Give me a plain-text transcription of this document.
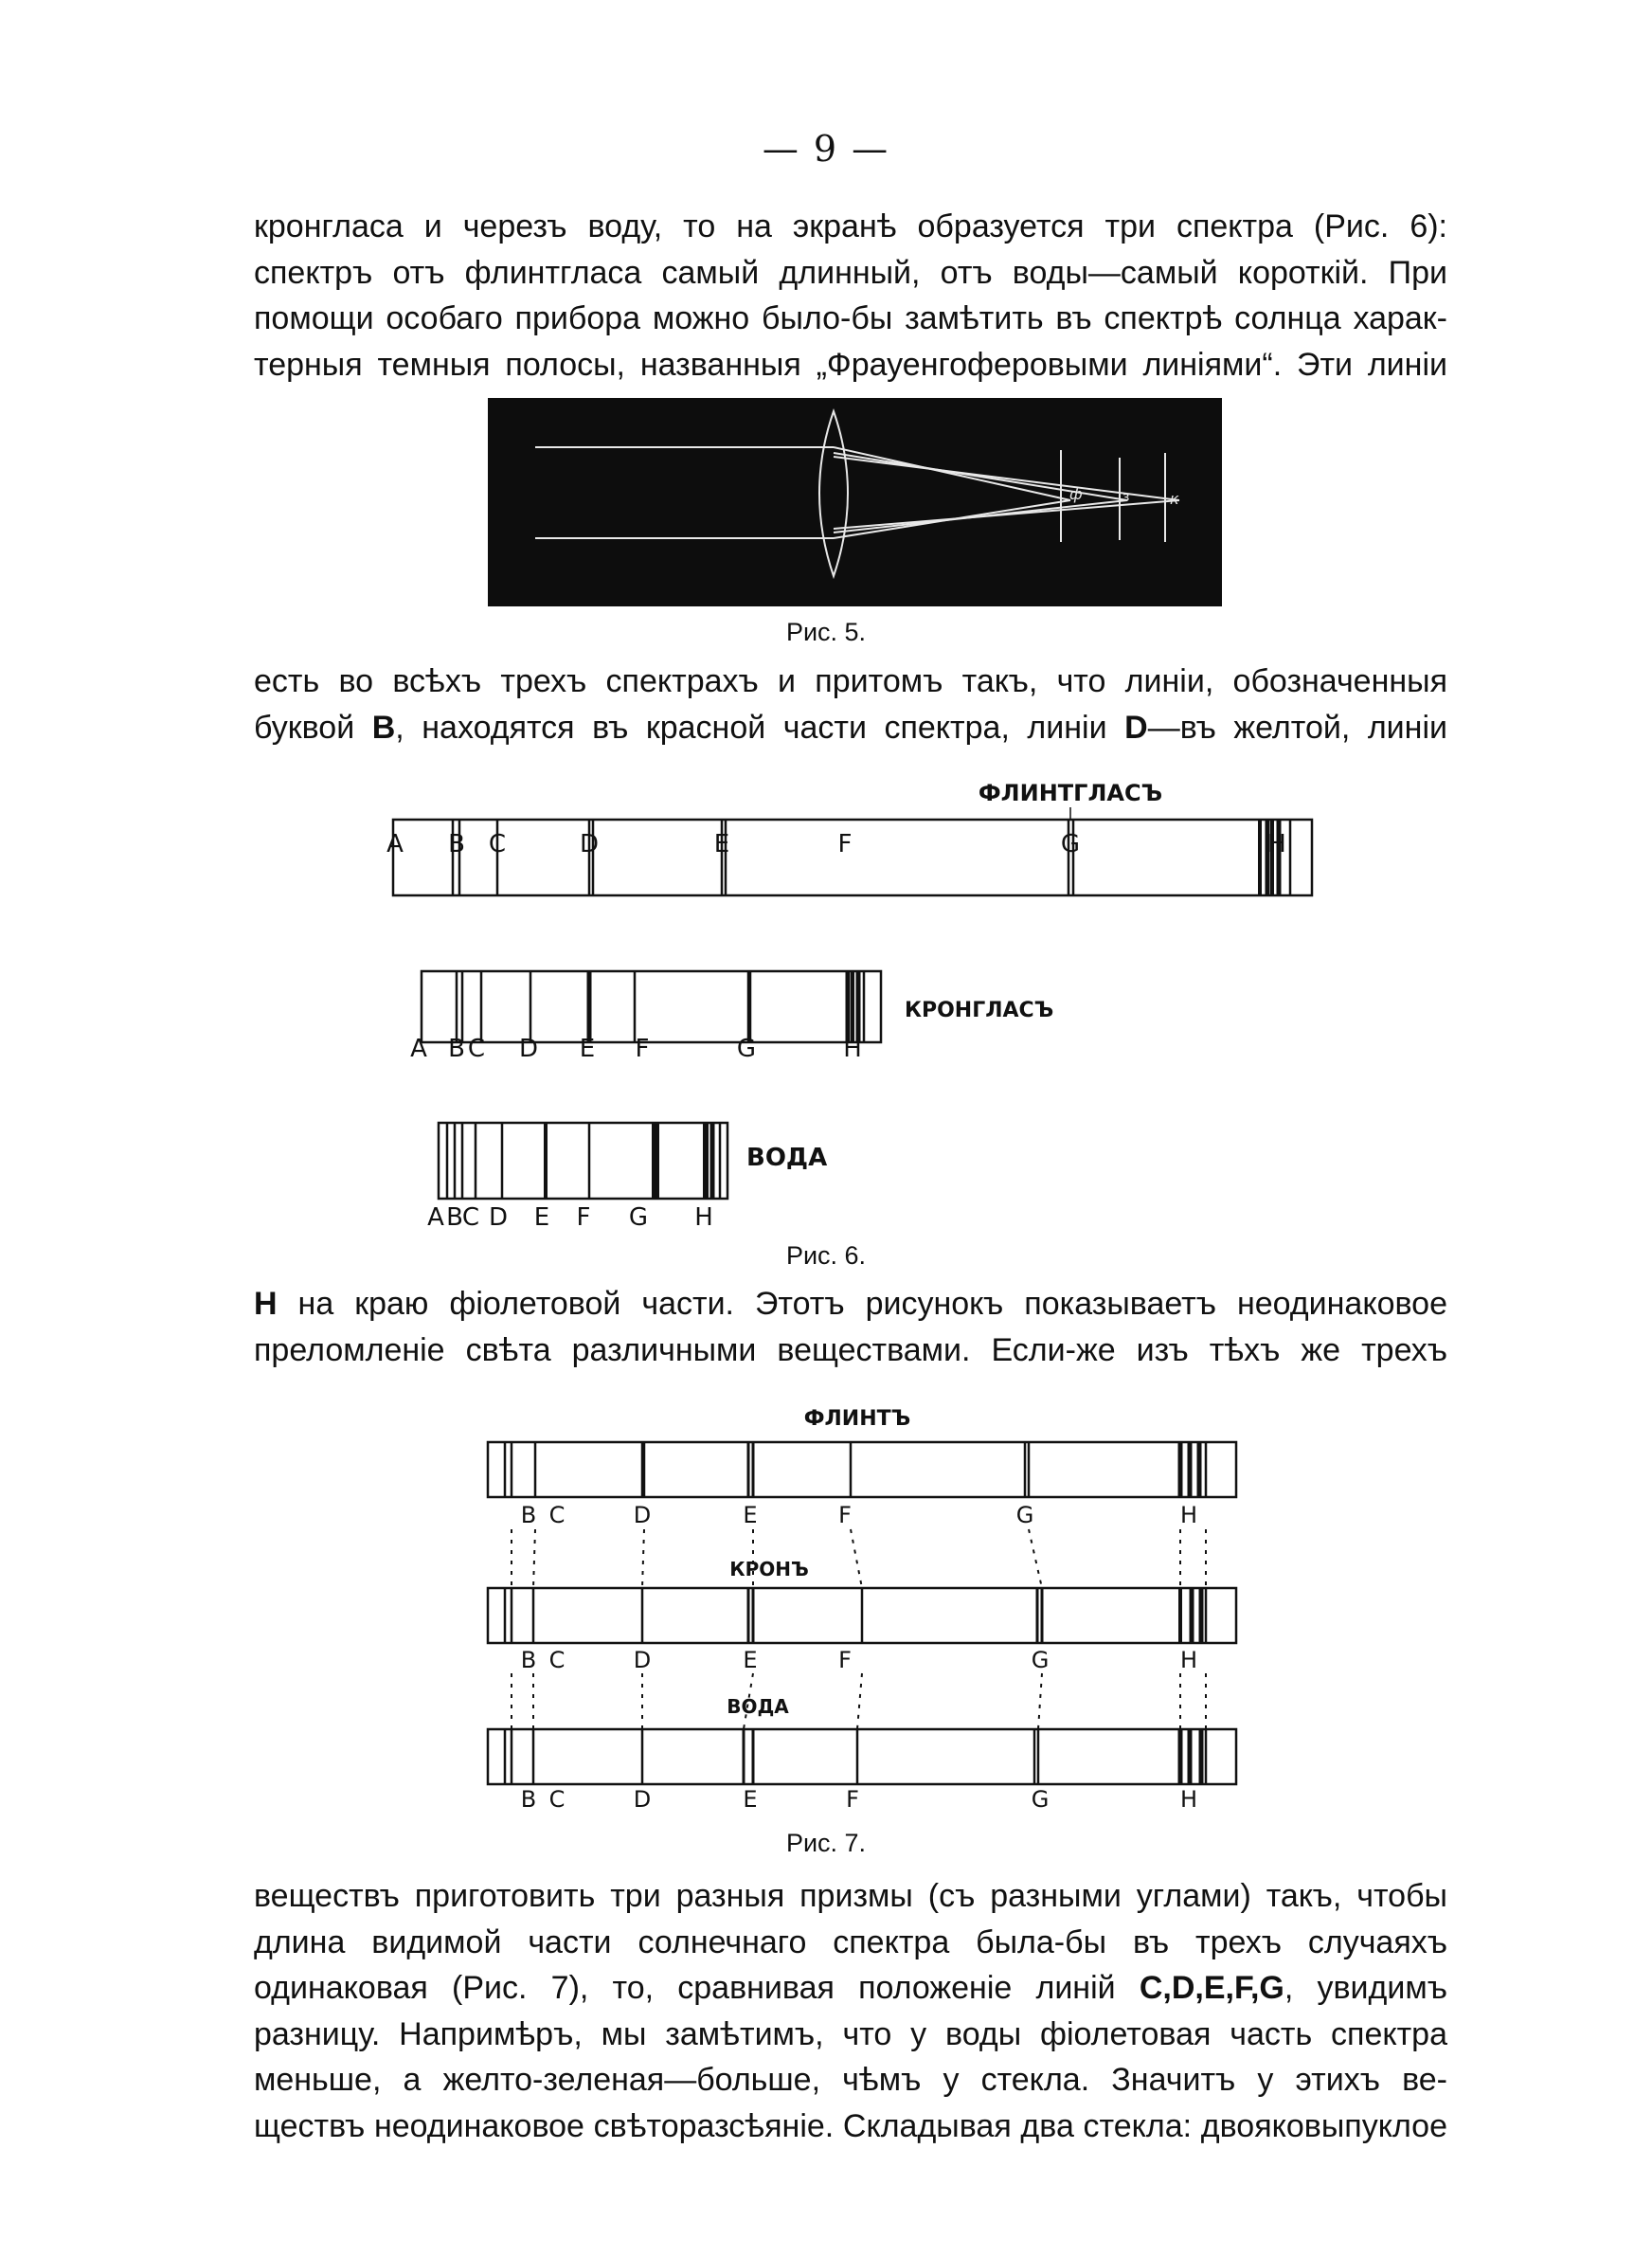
— 9 —
кронгласа и черезъ воду, то на экранѣ образуется три спектра (Рис. 6):
спектръ отъ флинтгласа самый длинный, отъ воды—самый короткій. При
помощи особаго прибора можно было-бы замѣтить въ спектрѣ солнца харак-
терныя темныя полосы, названныя „Фрауенгоферовыми линіями“. Эти линіи
ф	з	к
Рис. 5.
есть во всѣхъ трехъ спектрахъ и притомъ такъ, что линіи, обозначенныя
буквой B, находятся въ красной части спектра, линіи D—въ желтой, линіи
A B C	D	E	F	G	H
ФЛИНТГЛАСЪ
A B C D E F	G	H
КРОНГЛАСЪ
A B C D E F G H
ВОДА
Рис. 6.
H на краю фіолетовой части. Этотъ рисунокъ показываетъ неодинаковое
преломленіе свѣта различными веществами. Если-же изъ тѣхъ же трехъ
ФЛИНТЪ
B C	D	E	F	G	H
КРОНЪ
B C	D	E	F	G	H
ВОДА
B C	D	E	F	G	H
Рис. 7.
веществъ приготовить три разныя призмы (съ разными углами) такъ, чтобы
длина видимой части солнечнаго спектра была-бы въ трехъ случаяхъ
одинаковая (Рис. 7), то, сравнивая положеніе линій C,D,E,F,G, увидимъ
разницу. Напримѣръ, мы замѣтимъ, что у воды фіолетовая часть спектра
меньше, а желто-зеленая—больше, чѣмъ у стекла. Значитъ у этихъ ве-
ществъ неодинаковое свѣторазсѣяніе. Складывая два стекла: двояковыпуклое
